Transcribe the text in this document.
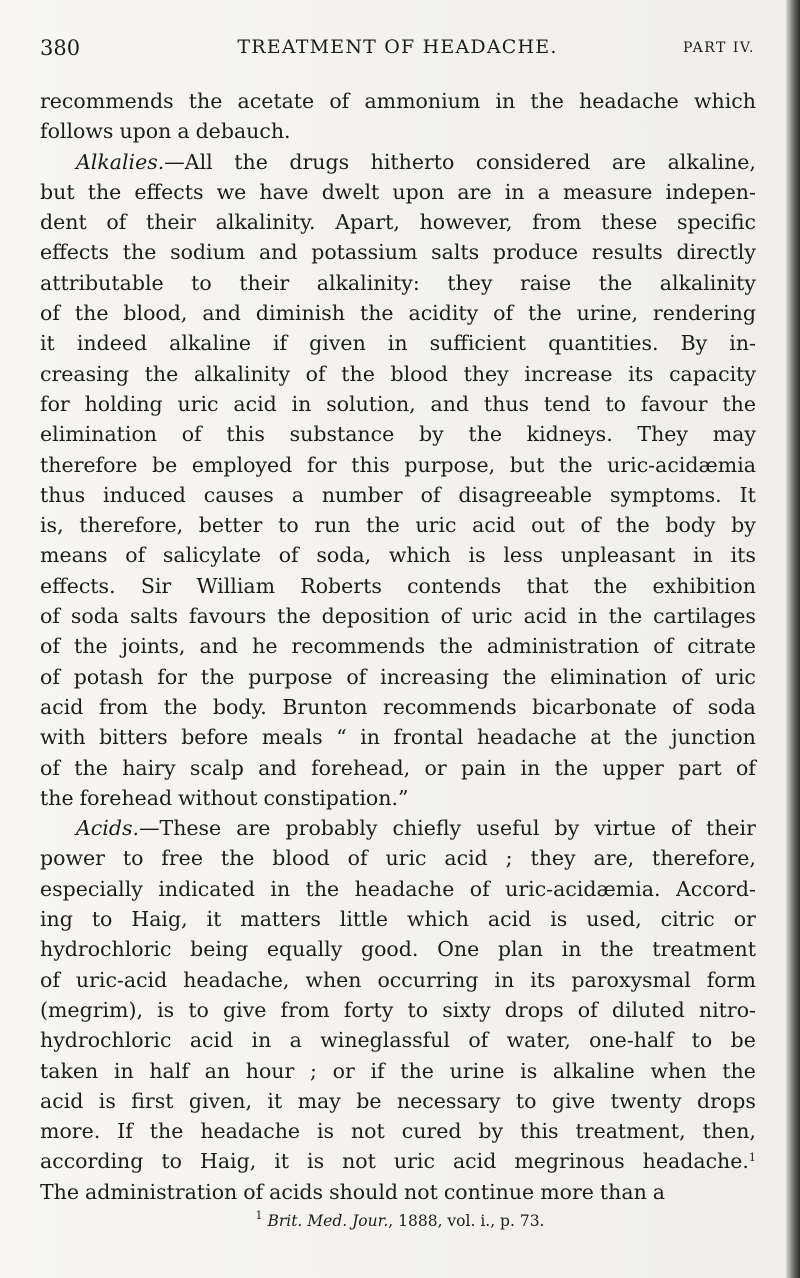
380	TREATMENT OF HEADACHE.	PART IV.
recommends the acetate of ammonium in the headache which
follows upon a debauch.
Alkalies.—All the drugs hitherto considered are alkaline,
but the effects we have dwelt upon are in a measure indepen-
dent of their alkalinity. Apart, however, from these specific
effects the sodium and potassium salts produce results directly
attributable to their alkalinity: they raise the alkalinity
of the blood, and diminish the acidity of the urine, rendering
it indeed alkaline if given in sufficient quantities. By in-
creasing the alkalinity of the blood they increase its capacity
for holding uric acid in solution, and thus tend to favour the
elimination of this substance by the kidneys. They may
therefore be employed for this purpose, but the uric-acidæmia
thus induced causes a number of disagreeable symptoms. It
is, therefore, better to run the uric acid out of the body by
means of salicylate of soda, which is less unpleasant in its
effects. Sir William Roberts contends that the exhibition
of soda salts favours the deposition of uric acid in the cartilages
of the joints, and he recommends the administration of citrate
of potash for the purpose of increasing the elimination of uric
acid from the body. Brunton recommends bicarbonate of soda
with bitters before meals “ in frontal headache at the junction
of the hairy scalp and forehead, or pain in the upper part of
the forehead without constipation.”
Acids.—These are probably chiefly useful by virtue of their
power to free the blood of uric acid ; they are, therefore,
especially indicated in the headache of uric-acidæmia. Accord-
ing to Haig, it matters little which acid is used, citric or
hydrochloric being equally good. One plan in the treatment
of uric-acid headache, when occurring in its paroxysmal form
(megrim), is to give from forty to sixty drops of diluted nitro-
hydrochloric acid in a wineglassful of water, one-half to be
taken in half an hour ; or if the urine is alkaline when the
acid is first given, it may be necessary to give twenty drops
more. If the headache is not cured by this treatment, then,
according to Haig, it is not uric acid megrinous headache.$^1$
The administration of acids should not continue more than a
$^1$ Brit. Med. Jour., 1888, vol. i., p. 73.
